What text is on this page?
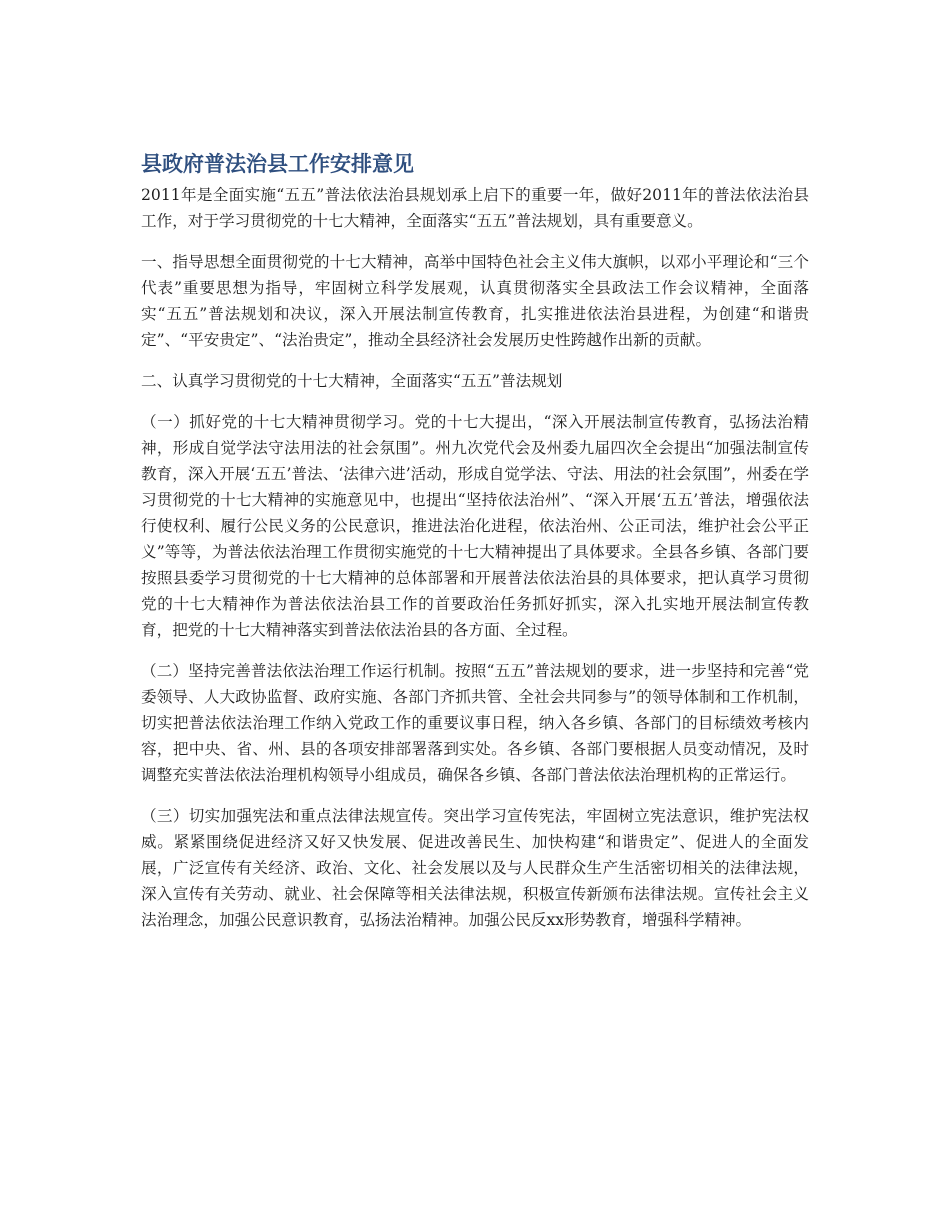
县政府普法治县工作安排意见

2011年是全面实施“五五”普法依法治县规划承上启下的重要一年，做好2011年的普法依法治县工作，对于学习贯彻党的十七大精神，全面落实“五五”普法规划，具有重要意义。

一、指导思想全面贯彻党的十七大精神，高举中国特色社会主义伟大旗帜，以邓小平理论和“三个代表”重要思想为指导，牢固树立科学发展观，认真贯彻落实全县政法工作会议精神，全面落实“五五”普法规划和决议，深入开展法制宣传教育，扎实推进依法治县进程，为创建“和谐贵定”、“平安贵定”、“法治贵定”，推动全县经济社会发展历史性跨越作出新的贡献。

二、认真学习贯彻党的十七大精神，全面落实“五五”普法规划

（一）抓好党的十七大精神贯彻学习。党的十七大提出，“深入开展法制宣传教育，弘扬法治精神，形成自觉学法守法用法的社会氛围”。州九次党代会及州委九届四次全会提出“加强法制宣传教育，深入开展‘五五’普法、‘法律六进’活动，形成自觉学法、守法、用法的社会氛围”，州委在学习贯彻党的十七大精神的实施意见中，也提出“坚持依法治州”、“深入开展‘五五’普法，增强依法行使权利、履行公民义务的公民意识，推进法治化进程，依法治州、公正司法，维护社会公平正义”等等，为普法依法治理工作贯彻实施党的十七大精神提出了具体要求。全县各乡镇、各部门要按照县委学习贯彻党的十七大精神的总体部署和开展普法依法治县的具体要求，把认真学习贯彻党的十七大精神作为普法依法治县工作的首要政治任务抓好抓实，深入扎实地开展法制宣传教育，把党的十七大精神落实到普法依法治县的各方面、全过程。

（二）坚持完善普法依法治理工作运行机制。按照“五五”普法规划的要求，进一步坚持和完善“党委领导、人大政协监督、政府实施、各部门齐抓共管、全社会共同参与”的领导体制和工作机制，切实把普法依法治理工作纳入党政工作的重要议事日程，纳入各乡镇、各部门的目标绩效考核内容，把中央、省、州、县的各项安排部署落到实处。各乡镇、各部门要根据人员变动情况，及时调整充实普法依法治理机构领导小组成员，确保各乡镇、各部门普法依法治理机构的正常运行。

（三）切实加强宪法和重点法律法规宣传。突出学习宣传宪法，牢固树立宪法意识，维护宪法权威。紧紧围绕促进经济又好又快发展、促进改善民生、加快构建“和谐贵定”、促进人的全面发展，广泛宣传有关经济、政治、文化、社会发展以及与人民群众生产生活密切相关的法律法规，深入宣传有关劳动、就业、社会保障等相关法律法规，积极宣传新颁布法律法规。宣传社会主义法治理念，加强公民意识教育，弘扬法治精神。加强公民反xx形势教育，增强科学精神。
